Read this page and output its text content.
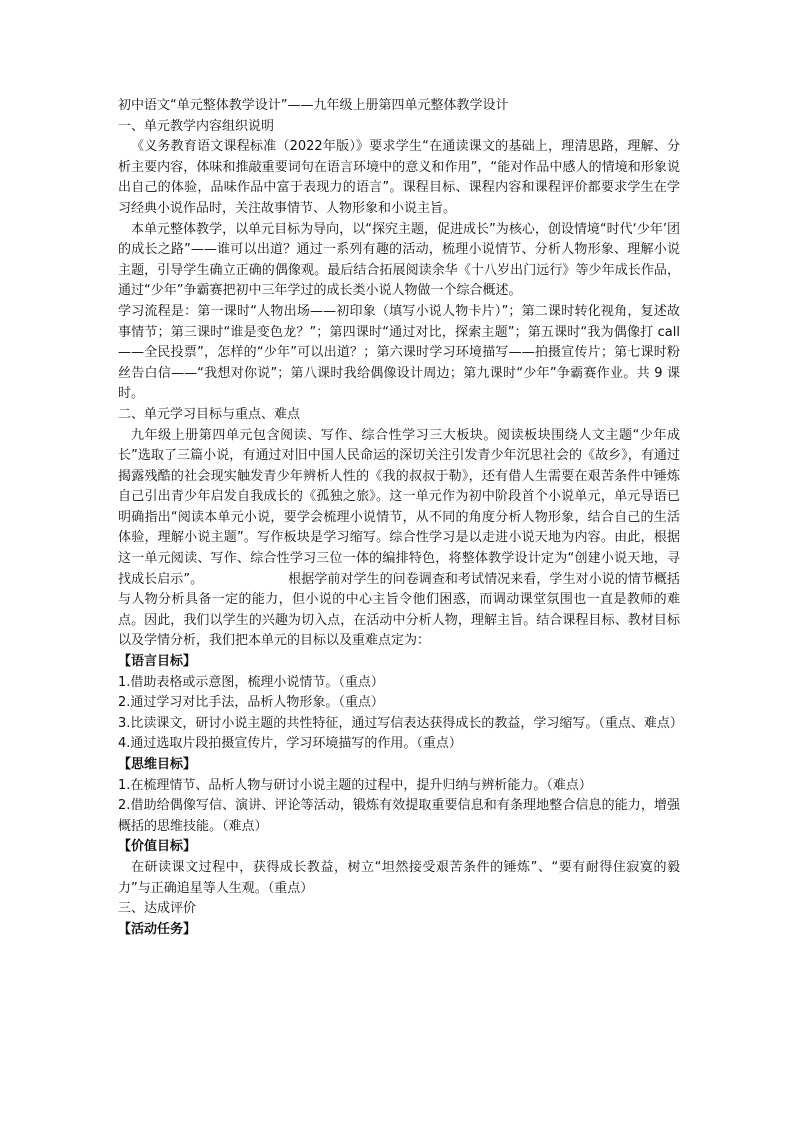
初中语文“单元整体教学设计”——九年级上册第四单元整体教学设计

一、单元教学内容组织说明

《义务教育语文课程标准（2022年版）》要求学生“在通读课文的基础上，理清思路，理解、分析主要内容，体味和推敲重要词句在语言环境中的意义和作用”，“能对作品中感人的情境和形象说出自己的体验，品味作品中富于表现力的语言”。课程目标、课程内容和课程评价都要求学生在学习经典小说作品时，关注故事情节、人物形象和小说主旨。

本单元整体教学，以单元目标为导向，以“探究主题，促进成长”为核心，创设情境“时代‘少年’团的成长之路”——谁可以出道？通过一系列有趣的活动，梳理小说情节、分析人物形象、理解小说主题，引导学生确立正确的偶像观。最后结合拓展阅读余华《十八岁出门远行》等少年成长作品，通过“少年”争霸赛把初中三年学过的成长类小说人物做一个综合概述。

学习流程是：第一课时“人物出场——初印象（填写小说人物卡片）”；第二课时转化视角，复述故事情节；第三课时“谁是变色龙？”；第四课时“通过对比，探索主题”；第五课时“我为偶像打 call——全民投票”，怎样的“少年”可以出道？；第六课时学习环境描写——拍摄宣传片；第七课时粉丝告白信——“我想对你说”；第八课时我给偶像设计周边；第九课时“少年”争霸赛作业。共 9 课时。

二、单元学习目标与重点、难点

九年级上册第四单元包含阅读、写作、综合性学习三大板块。阅读板块围绕人文主题“少年成长”选取了三篇小说，有通过对旧中国人民命运的深切关注引发青少年沉思社会的《故乡》，有通过揭露残酷的社会现实触发青少年辨析人性的《我的叔叔于勒》，还有借人生需要在艰苦条件中锤炼自己引出青少年启发自我成长的《孤独之旅》。这一单元作为初中阶段首个小说单元，单元导语已明确指出“阅读本单元小说，要学会梳理小说情节，从不同的角度分析人物形象，结合自己的生活体验，理解小说主题”。写作板块是学习缩写。综合性学习是以走进小说天地为内容。由此，根据这一单元阅读、写作、综合性学习三位一体的编排特色，将整体教学设计定为“创建小说天地，寻找成长启示”。　　　　　　　根据学前对学生的问卷调查和考试情况来看，学生对小说的情节概括与人物分析具备一定的能力，但小说的中心主旨令他们困惑，而调动课堂氛围也一直是教师的难点。因此，我们以学生的兴趣为切入点，在活动中分析人物，理解主旨。结合课程目标、教材目标以及学情分析，我们把本单元的目标以及重难点定为：

【语言目标】

1.借助表格或示意图，梳理小说情节。（重点）

2.通过学习对比手法，品析人物形象。（重点）

3.比读课文，研讨小说主题的共性特征，通过写信表达获得成长的教益，学习缩写。（重点、难点）

4.通过选取片段拍摄宣传片，学习环境描写的作用。（重点）

【思维目标】

1.在梳理情节、品析人物与研讨小说主题的过程中，提升归纳与辨析能力。（难点）

2.借助给偶像写信、演讲、评论等活动，锻炼有效提取重要信息和有条理地整合信息的能力，增强概括的思维技能。（难点）

【价值目标】

在研读课文过程中，获得成长教益，树立“坦然接受艰苦条件的锤炼”、“要有耐得住寂寞的毅力”与正确追星等人生观。（重点）

三、达成评价

【活动任务】
